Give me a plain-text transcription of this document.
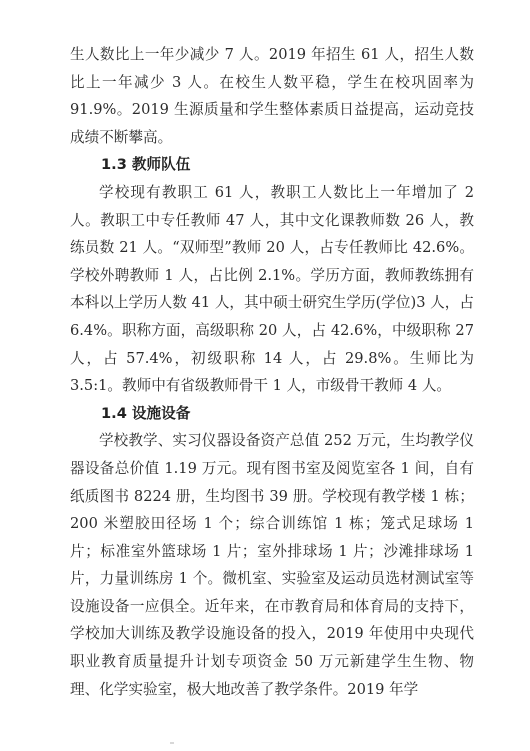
生人数比上一年少减少 7 人。2019 年招生 61 人，招生人数比上一年减少 3 人。在校生人数平稳，学生在校巩固率为 91.9%。2019 生源质量和学生整体素质日益提高，运动竞技成绩不断攀高。

1.3 教师队伍

学校现有教职工 61 人，教职工人数比上一年增加了 2 人。教职工中专任教师 47 人，其中文化课教师数 26 人，教练员数 21 人。“双师型”教师 20 人，占专任教师比 42.6%。学校外聘教师 1 人，占比例 2.1%。学历方面，教师教练拥有本科以上学历人数 41 人，其中硕士研究生学历(学位)3 人，占 6.4%。职称方面，高级职称 20 人，占 42.6%，中级职称 27 人，占 57.4%，初级职称 14 人，占 29.8%。生师比为 3.5:1。教师中有省级教师骨干 1 人，市级骨干教师 4 人。

1.4 设施设备

学校教学、实习仪器设备资产总值 252 万元，生均教学仪器设备总价值 1.19 万元。现有图书室及阅览室各 1 间，自有纸质图书 8224 册，生均图书 39 册。学校现有教学楼 1 栋；200 米塑胶田径场 1 个；综合训练馆 1 栋；笼式足球场 1 片；标准室外篮球场 1 片；室外排球场 1 片；沙滩排球场 1 片，力量训练房 1 个。微机室、实验室及运动员选材测试室等设施设备一应俱全。近年来，在市教育局和体育局的支持下，学校加大训练及教学设施设备的投入，2019 年使用中央现代职业教育质量提升计划专项资金 50 万元新建学生生物、物理、化学实验室，极大地改善了教学条件。2019 年学
